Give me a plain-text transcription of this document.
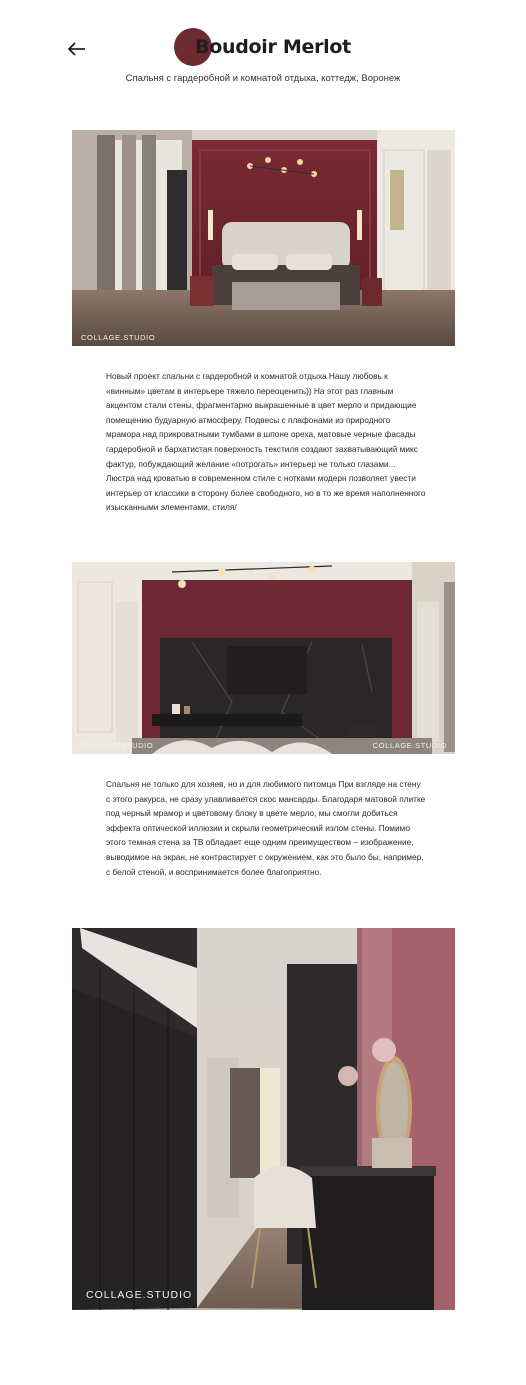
Boudoir Merlot
Спальня с гардеробной и комнатой отдыха, коттедж, Воронеж
COLLAGE.STUDIO
Новый проект спальни с гардеробной и комнатой отдыха Нашу любовь к «винным» цветам в интерьере тяжело переоценить)) На этот раз главным акцентом стали стены, фрагментарно выкрашенные в цвет мерло и придающие помещению будуарную атмосферу. Подвесы с плафонами из природного мрамора над прикроватными тумбами в шпоне ореха, матовые черные фасады гардеробной и бархатистая поверхность текстиля создают захватывающий микс фактур, побуждающий желание «потрогать» интерьер не только глазами... Люстра над кроватью в современном стиле с нотками модерн позволяет увести интерьер от классики в сторону более свободного, но в то же время наполненного изысканными элементами, стиля/
COLLAGE.STUDIO	COLLAGE.STUDIO
Спальня не только для хозяев, но и для любимого питомца При взгляде на стену с этого ракурса, не сразу улавливается скос мансарды. Благодаря матовой плитке под черный мрамор и цветовому блоку в цвете мерло, мы смогли добиться эффекта оптической иллюзии и скрыли геометрический излом стены. Помимо этого темная стена за ТВ обладает еще одним преимуществом – изображение, выводимое на экран, не контрастирует с окружением, как это было бы, например, с белой стеной, и воспринимается более благоприятно.
COLLAGE.STUDIO
